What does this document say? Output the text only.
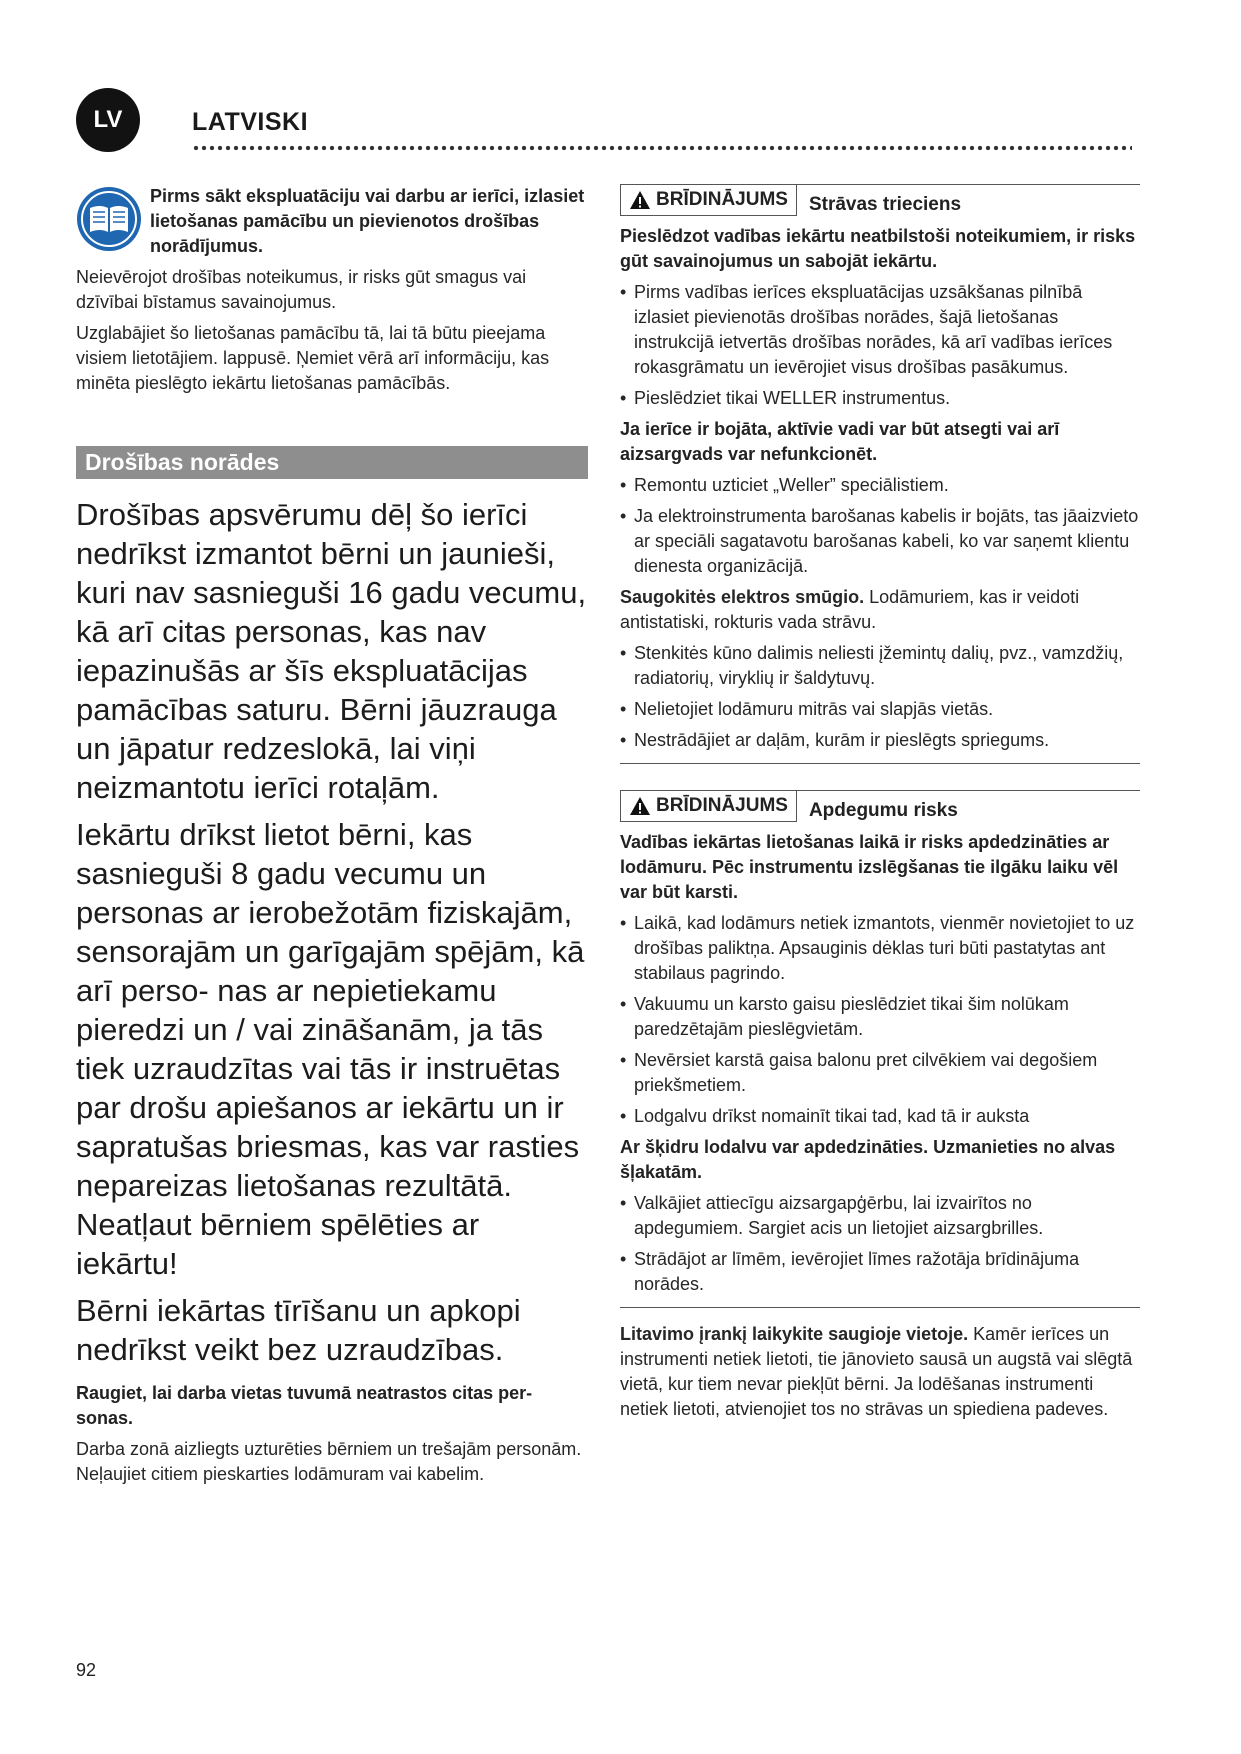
LV	LATVISKI

Pirms sākt ekspluatāciju vai darbu ar ierīci, izlasiet lietošanas pamācību un pievienotos drošības norādījumus.

Neievērojot drošības noteikumus, ir risks gūt smagus vai dzīvībai bīstamus savainojumus.

Uzglabājiet šo lietošanas pamācību tā, lai tā būtu pieejama visiem lietotājiem. lappusē. Ņemiet vērā arī informāciju, kas minēta pieslēgto iekārtu lietošanas pamācībās.

Drošības norādes

Drošības apsvērumu dēļ šo ierīci nedrīkst izmantot bērni un jaunieši, kuri nav sasnieguši 16 gadu vecumu, kā arī citas personas, kas nav iepazinušās ar šīs ekspluatācijas pamācības saturu. Bērni jāuzrauga un jāpatur redzeslokā, lai viņi neizmantotu ierīci rotaļām.

Iekārtu drīkst lietot bērni, kas sasnieguši 8 gadu vecumu un personas ar ierobežotām fiziskajām, sensorajām un garīgajām spējām, kā arī perso- nas ar nepietiekamu pieredzi un / vai zināšanām, ja tās tiek uzraudzītas vai tās ir instruētas par drošu apiešanos ar iekārtu un ir sapratušas briesmas, kas var rasties nepareizas lietošanas rezultātā. Neatļaut bērniem spēlēties ar iekārtu!

Bērni iekārtas tīrīšanu un apkopi nedrīkst veikt bez uzraudzības.

Raugiet, lai darba vietas tuvumā neatrastos citas per- sonas.

Darba zonā aizliegts uzturēties bērniem un trešajām personām. Neļaujiet citiem pieskarties lodāmuram vai kabelim.

BRĪDINĀJUMS	Strāvas trieciens

Pieslēdzot vadības iekārtu neatbilstoši noteikumiem, ir risks gūt savainojumus un sabojāt iekārtu.

• Pirms vadības ierīces ekspluatācijas uzsākšanas pilnībā izlasiet pievienotās drošības norādes, šajā lietošanas instrukcijā ietvertās drošības norādes, kā arī vadības ierīces rokasgrāmatu un ievērojiet visus drošības pasākumus.
• Pieslēdziet tikai WELLER instrumentus.

Ja ierīce ir bojāta, aktīvie vadi var būt atsegti vai arī aizsargvads var nefunkcionēt.

• Remontu uzticiet „Weller” speciālistiem.
• Ja elektroinstrumenta barošanas kabelis ir bojāts, tas jāaizvieto ar speciāli sagatavotu barošanas kabeli, ko var saņemt klientu dienesta organizācijā.

Saugokitės elektros smūgio. Lodāmuriem, kas ir veidoti antistatiski, rokturis vada strāvu.

• Stenkitės kūno dalimis neliesti įžemintų dalių, pvz., vamzdžių, radiatorių, viryklių ir šaldytuvų.
• Nelietojiet lodāmuru mitrās vai slapjās vietās.
• Nestrādājiet ar daļām, kurām ir pieslēgts spriegums.
BRĪDINĀJUMS	Apdegumu risks

Vadības iekārtas lietošanas laikā ir risks apdedzināties ar lodāmuru. Pēc instrumentu izslēgšanas tie ilgāku laiku vēl var būt karsti.

• Laikā, kad lodāmurs netiek izmantots, vienmēr novietojiet to uz drošības paliktņa. Apsauginis dėklas turi būti pastatytas ant stabilaus pagrindo.
• Vakuumu un karsto gaisu pieslēdziet tikai šim nolūkam paredzētajām pieslēgvietām.
• Nevērsiet karstā gaisa balonu pret cilvēkiem vai degošiem priekšmetiem.
• Lodgalvu drīkst nomainīt tikai tad, kad tā ir auksta

Ar šķidru lodalvu var apdedzināties. Uzmanieties no alvas šļakatām.

• Valkājiet attiecīgu aizsargapģērbu, lai izvairītos no apdegumiem. Sargiet acis un lietojiet aizsargbrilles.
• Strādājot ar līmēm, ievērojiet līmes ražotāja brīdinājuma norādes.

Litavimo įrankį laikykite saugioje vietoje. Kamēr ierīces un instrumenti netiek lietoti, tie jānovieto sausā un augstā vai slēgtā vietā, kur tiem nevar piekļūt bērni. Ja lodēšanas instrumenti netiek lietoti, atvienojiet tos no strāvas un spiediena padeves.

92
